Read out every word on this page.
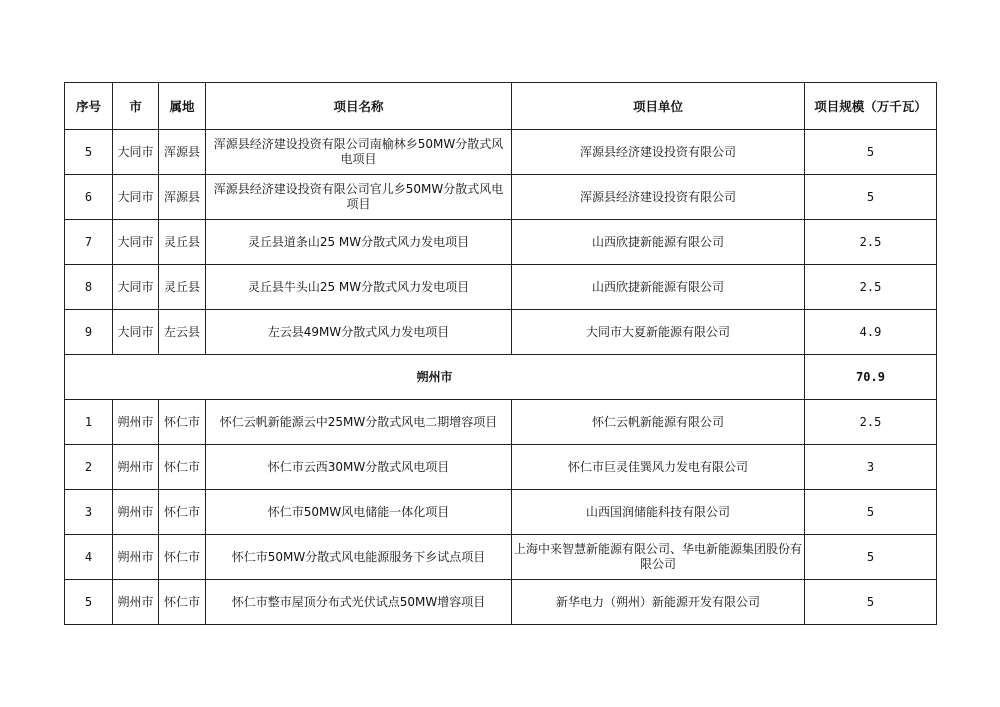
序号	市	属地	项目名称	项目单位	项目规模（万千瓦）
5	大同市	浑源县	浑源县经济建设投资有限公司南榆林乡50MW分散式风电项目	浑源县经济建设投资有限公司	5
6	大同市	浑源县	浑源县经济建设投资有限公司官儿乡50MW分散式风电项目	浑源县经济建设投资有限公司	5
7	大同市	灵丘县	灵丘县道条山25 MW分散式风力发电项目	山西欣捷新能源有限公司	2.5
8	大同市	灵丘县	灵丘县牛头山25 MW分散式风力发电项目	山西欣捷新能源有限公司	2.5
9	大同市	左云县	左云县49MW分散式风力发电项目	大同市大夏新能源有限公司	4.9
朔州市					70.9
1	朔州市	怀仁市	怀仁云帆新能源云中25MW分散式风电二期增容项目	怀仁云帆新能源有限公司	2.5
2	朔州市	怀仁市	怀仁市云西30MW分散式风电项目	怀仁市巨灵佳巽风力发电有限公司	3
3	朔州市	怀仁市	怀仁市50MW风电储能一体化项目	山西国润储能科技有限公司	5
4	朔州市	怀仁市	怀仁市50MW分散式风电能源服务下乡试点项目	上海中来智慧新能源有限公司、华电新能源集团股份有限公司	5
5	朔州市	怀仁市	怀仁市整市屋顶分布式光伏试点50MW增容项目	新华电力（朔州）新能源开发有限公司	5
